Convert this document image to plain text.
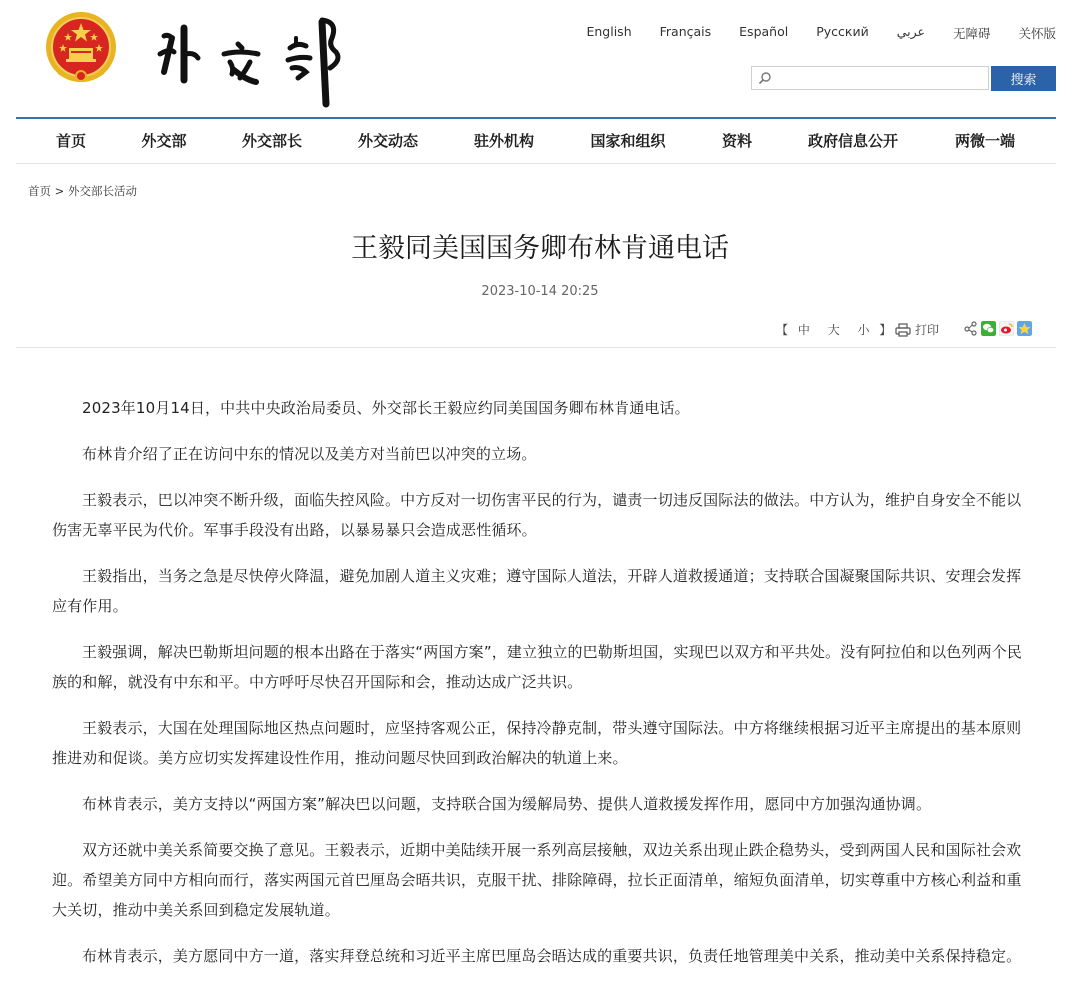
English Français Español Русский عربي 无障碍 关怀版
搜索
首页	外交部	外交部长	外交动态	驻外机构	国家和组织	资料	政府信息公开	两微一端
首页 > 外交部长活动
王毅同美国国务卿布林肯通电话
2023-10-14 20:25
【 中 大 小 】	打印

2023年10月14日，中共中央政治局委员、外交部长王毅应约同美国国务卿布林肯通电话。

布林肯介绍了正在访问中东的情况以及美方对当前巴以冲突的立场。

王毅表示，巴以冲突不断升级，面临失控风险。中方反对一切伤害平民的行为，谴责一切违反国际法的做法。中方认为，维护自身安全不能以伤害无辜平民为代价。军事手段没有出路，以暴易暴只会造成恶性循环。

王毅指出，当务之急是尽快停火降温，避免加剧人道主义灾难；遵守国际人道法，开辟人道救援通道；支持联合国凝聚国际共识、安理会发挥应有作用。

王毅强调，解决巴勒斯坦问题的根本出路在于落实“两国方案”，建立独立的巴勒斯坦国，实现巴以双方和平共处。没有阿拉伯和以色列两个民族的和解，就没有中东和平。中方呼吁尽快召开国际和会，推动达成广泛共识。

王毅表示，大国在处理国际地区热点问题时，应坚持客观公正，保持冷静克制，带头遵守国际法。中方将继续根据习近平主席提出的基本原则推进劝和促谈。美方应切实发挥建设性作用，推动问题尽快回到政治解决的轨道上来。

布林肯表示，美方支持以“两国方案”解决巴以问题，支持联合国为缓解局势、提供人道救援发挥作用，愿同中方加强沟通协调。

双方还就中美关系简要交换了意见。王毅表示，近期中美陆续开展一系列高层接触，双边关系出现止跌企稳势头，受到两国人民和国际社会欢迎。希望美方同中方相向而行，落实两国元首巴厘岛会晤共识，克服干扰、排除障碍，拉长正面清单，缩短负面清单，切实尊重中方核心利益和重大关切，推动中美关系回到稳定发展轨道。

布林肯表示，美方愿同中方一道，落实拜登总统和习近平主席巴厘岛会晤达成的重要共识，负责任地管理美中关系，推动美中关系保持稳定。
